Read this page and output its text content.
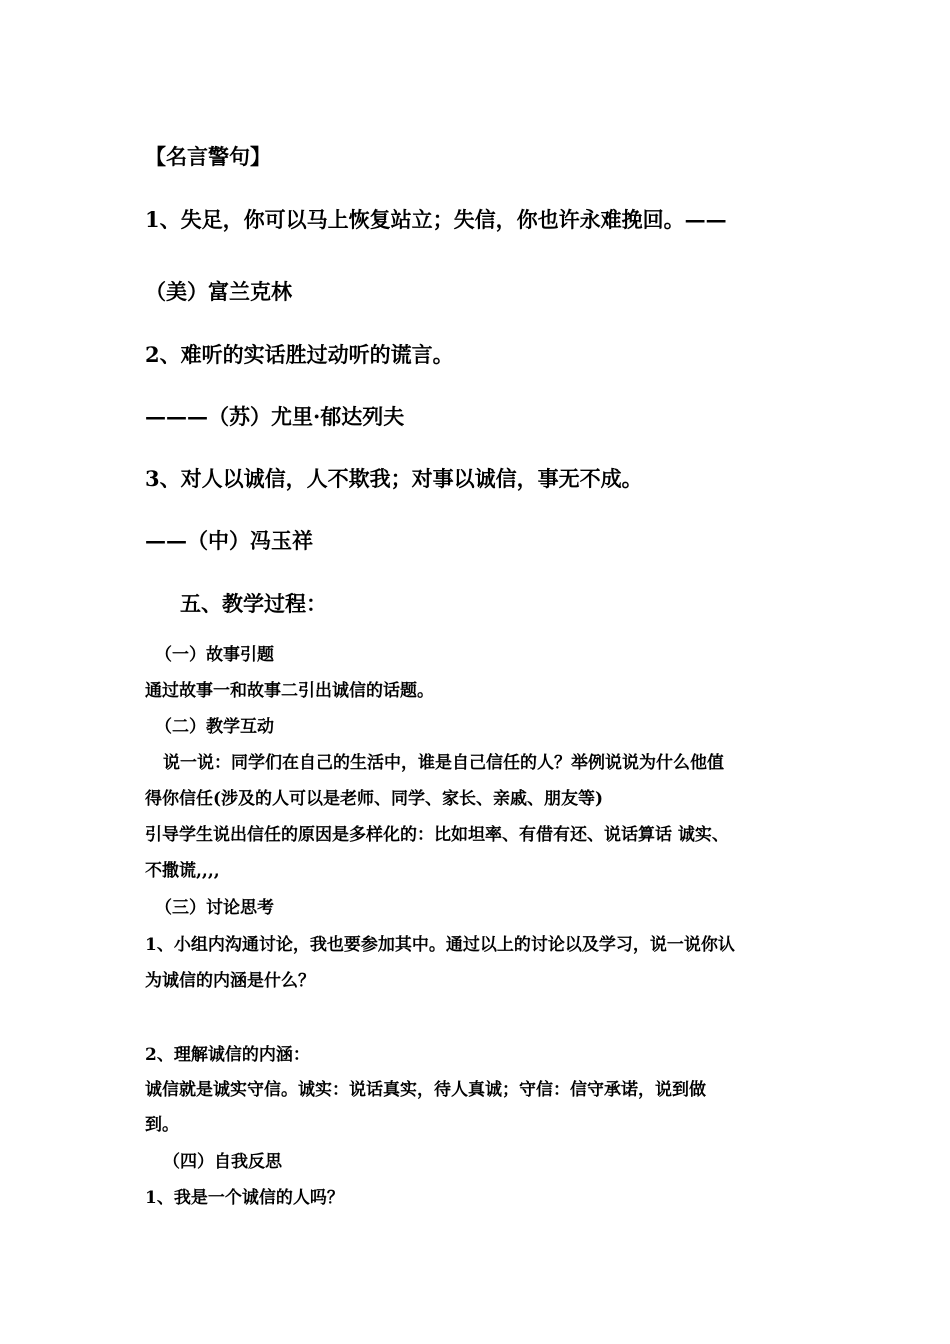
【名言警句】
1、失足，你可以马上恢复站立；失信，你也许永难挽回。——
（美）富兰克林
2、难听的实话胜过动听的谎言。
———（苏）尤里·郁达列夫
3、对人以诚信，人不欺我；对事以诚信，事无不成。
——（中）冯玉祥
五、教学过程：
（一）故事引题
通过故事一和故事二引出诚信的话题。
（二）教学互动
说一说：同学们在自己的生活中，谁是自己信任的人？举例说说为什么他值
得你信任(涉及的人可以是老师、同学、家长、亲戚、朋友等)
引导学生说出信任的原因是多样化的：比如坦率、有借有还、说话算话 诚实、
不撒谎,,,,
（三）讨论思考
1、小组内沟通讨论，我也要参加其中。通过以上的讨论以及学习，说一说你认
为诚信的内涵是什么？
2、理解诚信的内涵：
诚信就是诚实守信。诚实：说话真实，待人真诚；守信：信守承诺，说到做
到。
（四）自我反思
1、我是一个诚信的人吗？
